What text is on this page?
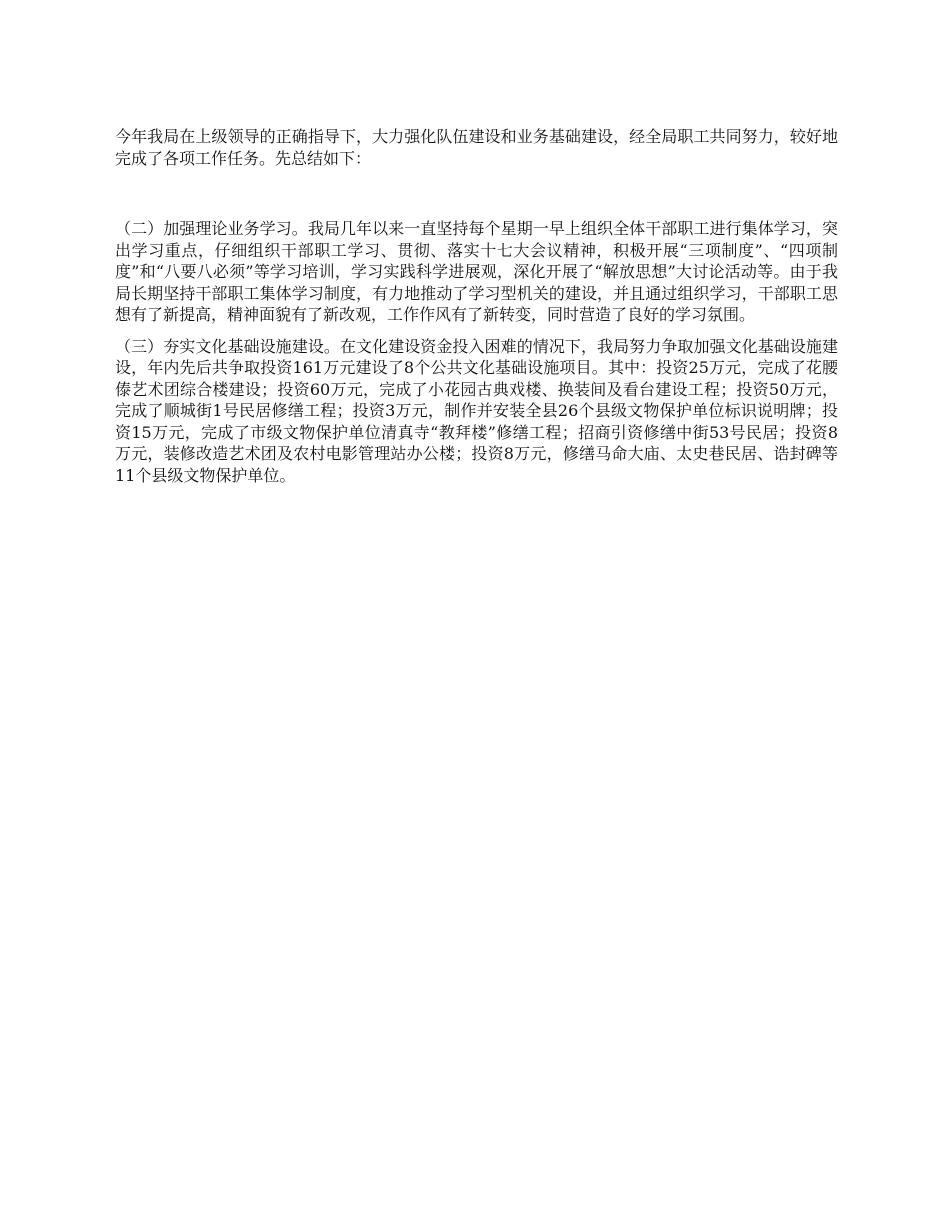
今年我局在上级领导的正确指导下，大力强化队伍建设和业务基础建设，经全局职工共同努力，较好地完成了各项工作任务。先总结如下：

（二）加强理论业务学习。我局几年以来一直坚持每个星期一早上组织全体干部职工进行集体学习，突出学习重点，仔细组织干部职工学习、贯彻、落实十七大会议精神，积极开展“三项制度”、“四项制度”和“八要八必须”等学习培训，学习实践科学进展观，深化开展了“解放思想”大讨论活动等。由于我局长期坚持干部职工集体学习制度，有力地推动了学习型机关的建设，并且通过组织学习，干部职工思想有了新提高，精神面貌有了新改观，工作作风有了新转变，同时营造了良好的学习氛围。

（三）夯实文化基础设施建设。在文化建设资金投入困难的情况下，我局努力争取加强文化基础设施建设，年内先后共争取投资161万元建设了8个公共文化基础设施项目。其中：投资25万元，完成了花腰傣艺术团综合楼建设；投资60万元，完成了小花园古典戏楼、换装间及看台建设工程；投资50万元，完成了顺城街1号民居修缮工程；投资3万元，制作并安装全县26个县级文物保护单位标识说明牌；投资15万元，完成了市级文物保护单位清真寺“教拜楼”修缮工程；招商引资修缮中街53号民居；投资8万元，装修改造艺术团及农村电影管理站办公楼；投资8万元，修缮马命大庙、太史巷民居、诰封碑等11个县级文物保护单位。
